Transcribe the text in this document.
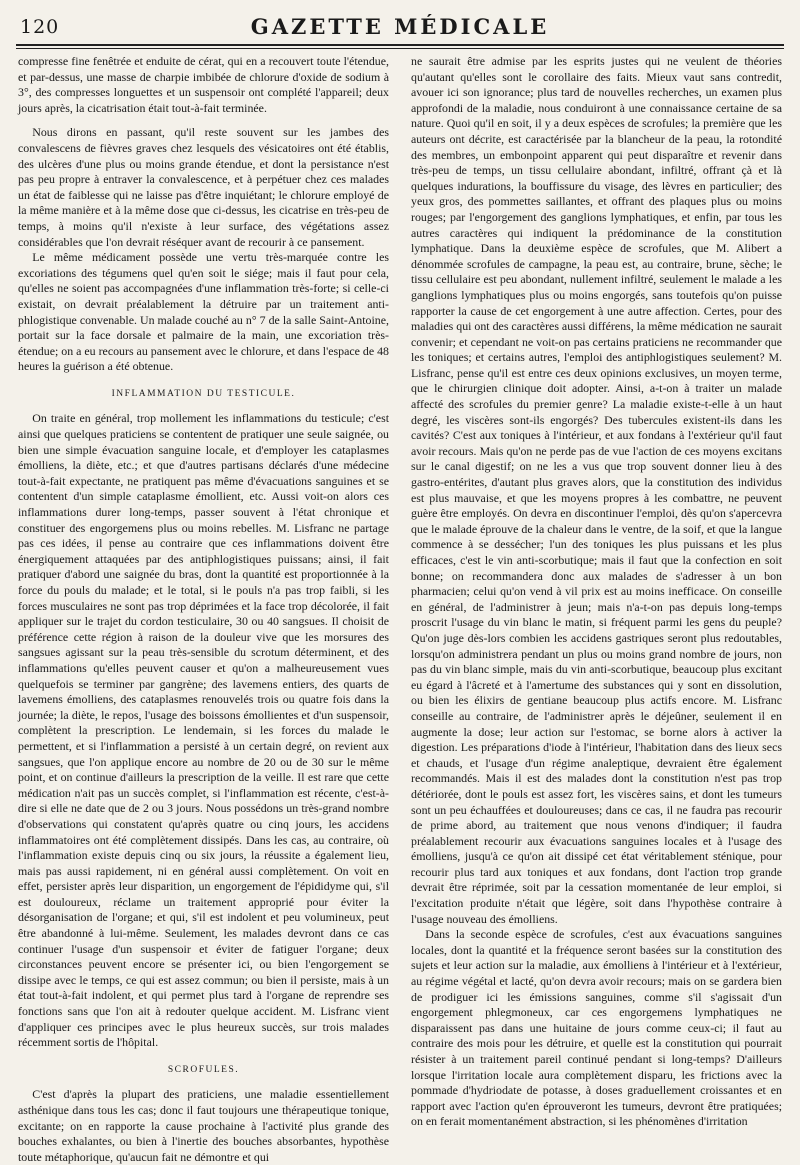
120	GAZETTE MÉDICALE

compresse fine fenêtrée et enduite de cérat, qui en a recouvert toute l'étendue, et par-dessus, une masse de charpie imbibée de chlorure d'oxide de sodium à 3°, des compresses longuettes et un suspensoir ont complété l'appareil; deux jours après, la cicatrisation était tout-à-fait terminée.

Nous dirons en passant, qu'il reste souvent sur les jambes des convalescens de fièvres graves chez lesquels des vésicatoires ont été établis, des ulcères d'une plus ou moins grande étendue, et dont la persistance n'est pas peu propre à entraver la convalescence, et à perpétuer chez ces malades un état de faiblesse qui ne laisse pas d'être inquiétant; le chlorure employé de la même manière et à la même dose que ci-dessus, les cicatrise en très-peu de temps, à moins qu'il n'existe à leur surface, des végétations assez considérables que l'on devrait réséquer avant de recourir à ce pansement.

Le même médicament possède une vertu très-marquée contre les excoriations des tégumens quel qu'en soit le siége; mais il faut pour cela, qu'elles ne soient pas accompagnées d'une inflammation très-forte; si celle-ci existait, on devrait préalablement la détruire par un traitement anti-phlogistique convenable. Un malade couché au n° 7 de la salle Saint-Antoine, portait sur la face dorsale et palmaire de la main, une excoriation très-étendue; on a eu recours au pansement avec le chlorure, et dans l'espace de 48 heures la guérison a été obtenue.

INFLAMMATION DU TESTICULE.

On traite en général, trop mollement les inflammations du testicule; c'est ainsi que quelques praticiens se contentent de pratiquer une seule saignée, ou bien une simple évacuation sanguine locale, et d'employer les cataplasmes émolliens, la diète, etc.; et que d'autres partisans déclarés d'une médecine tout-à-fait expectante, ne pratiquent pas même d'évacuations sanguines et se contentent d'un simple cataplasme émollient, etc. Aussi voit-on alors ces inflammations durer long-temps, passer souvent à l'état chronique et constituer des engorgemens plus ou moins rebelles. M. Lisfranc ne partage pas ces idées, il pense au contraire que ces inflammations doivent être énergiquement attaquées par des antiphlogistiques puissans; ainsi, il fait pratiquer d'abord une saignée du bras, dont la quantité est proportionnée à la force du pouls du malade; et le total, si le pouls n'a pas trop faibli, si les forces musculaires ne sont pas trop déprimées et la face trop décolorée, il fait appliquer sur le trajet du cordon testiculaire, 30 ou 40 sangsues. Il choisit de préférence cette région à raison de la douleur vive que les morsures des sangsues agissant sur la peau très-sensible du scrotum déterminent, et des inflammations qu'elles peuvent causer et qu'on a malheureusement vues quelquefois se terminer par gangrène; des lavemens entiers, des quarts de lavemens émolliens, des cataplasmes renouvelés trois ou quatre fois dans la journée; la diète, le repos, l'usage des boissons émollientes et d'un suspensoir, complètent la prescription. Le lendemain, si les forces du malade le permettent, et si l'inflammation a persisté à un certain degré, on revient aux sangsues, que l'on applique encore au nombre de 20 ou de 30 sur le même point, et on continue d'ailleurs la prescription de la veille. Il est rare que cette médication n'ait pas un succès complet, si l'inflammation est récente, c'est-à-dire si elle ne date que de 2 ou 3 jours. Nous possédons un très-grand nombre d'observations qui constatent qu'après quatre ou cinq jours, les accidens inflammatoires ont été complètement dissipés. Dans les cas, au contraire, où l'inflammation existe depuis cinq ou six jours, la réussite a également lieu, mais pas aussi rapidement, ni en général aussi complètement. On voit en effet, persister après leur disparition, un engorgement de l'épididyme qui, s'il est douloureux, réclame un traitement approprié pour éviter la désorganisation de l'organe; et qui, s'il est indolent et peu volumineux, peut être abandonné à lui-même. Seulement, les malades devront dans ce cas continuer l'usage d'un suspensoir et éviter de fatiguer l'organe; deux circonstances peuvent encore se présenter ici, ou bien l'engorgement se dissipe avec le temps, ce qui est assez commun; ou bien il persiste, mais à un état tout-à-fait indolent, et qui permet plus tard à l'organe de reprendre ses fonctions sans que l'on ait à redouter quelque accident. M. Lisfranc vient d'appliquer ces principes avec le plus heureux succès, sur trois malades récemment sortis de l'hôpital.

SCROFULES.

C'est d'après la plupart des praticiens, une maladie essentiellement asthénique dans tous les cas; donc il faut toujours une thérapeutique tonique, excitante; on en rapporte la cause prochaine à l'activité plus grande des bouches exhalantes, ou bien à l'inertie des bouches absorbantes, hypothèse toute métaphorique, qu'aucun fait ne démontre et qui

ne saurait être admise par les esprits justes qui ne veulent de théories qu'autant qu'elles sont le corollaire des faits. Mieux vaut sans contredit, avouer ici son ignorance; plus tard de nouvelles recherches, un examen plus approfondi de la maladie, nous conduiront à une connaissance certaine de sa nature. Quoi qu'il en soit, il y a deux espèces de scrofules; la première que les auteurs ont décrite, est caractérisée par la blancheur de la peau, la rotondité des membres, un embonpoint apparent qui peut disparaître et revenir dans très-peu de temps, un tissu cellulaire abondant, infiltré, offrant çà et là quelques indurations, la bouffissure du visage, des lèvres en particulier; des yeux gros, des pommettes saillantes, et offrant des plaques plus ou moins rouges; par l'engorgement des ganglions lymphatiques, et enfin, par tous les autres caractères qui indiquent la prédominance de la constitution lymphatique. Dans la deuxième espèce de scrofules, que M. Alibert a dénommée scrofules de campagne, la peau est, au contraire, brune, sèche; le tissu cellulaire est peu abondant, nullement infiltré, seulement le malade a les ganglions lymphatiques plus ou moins engorgés, sans toutefois qu'on puisse rapporter la cause de cet engorgement à une autre affection. Certes, pour des maladies qui ont des caractères aussi différens, la même médication ne saurait convenir; et cependant ne voit-on pas certains praticiens ne recommander que les toniques; et certains autres, l'emploi des antiphlogistiques seulement? M. Lisfranc, pense qu'il est entre ces deux opinions exclusives, un moyen terme, que le chirurgien clinique doit adopter. Ainsi, a-t-on à traiter un malade affecté des scrofules du premier genre? La maladie existe-t-elle à un haut degré, les viscères sont-ils engorgés? Des tubercules existent-ils dans les cavités? C'est aux toniques à l'intérieur, et aux fondans à l'extérieur qu'il faut avoir recours. Mais qu'on ne perde pas de vue l'action de ces moyens excitans sur le canal digestif; on ne les a vus que trop souvent donner lieu à des gastro-entérites, d'autant plus graves alors, que la constitution des individus est plus mauvaise, et que les moyens propres à les combattre, ne peuvent guère être employés. On devra en discontinuer l'emploi, dès qu'on s'apercevra que le malade éprouve de la chaleur dans le ventre, de la soif, et que la langue commence à se dessécher; l'un des toniques les plus puissans et les plus efficaces, c'est le vin anti-scorbutique; mais il faut que la confection en soit bonne; on recommandera donc aux malades de s'adresser à un bon pharmacien; celui qu'on vend à vil prix est au moins inefficace. On conseille en général, de l'administrer à jeun; mais n'a-t-on pas depuis long-temps proscrit l'usage du vin blanc le matin, si fréquent parmi les gens du peuple? Qu'on juge dès-lors combien les accidens gastriques seront plus redoutables, lorsqu'on administrera pendant un plus ou moins grand nombre de jours, non pas du vin blanc simple, mais du vin anti-scorbutique, beaucoup plus excitant eu égard à l'âcreté et à l'amertume des substances qui y sont en dissolution, ou bien les élixirs de gentiane beaucoup plus actifs encore. M. Lisfranc conseille au contraire, de l'administrer après le déjeûner, seulement il en augmente la dose; leur action sur l'estomac, se borne alors à activer la digestion. Les préparations d'iode à l'intérieur, l'habitation dans des lieux secs et chauds, et l'usage d'un régime analeptique, devraient être également recommandés. Mais il est des malades dont la constitution n'est pas trop détériorée, dont le pouls est assez fort, les viscères sains, et dont les tumeurs sont un peu échauffées et douloureuses; dans ce cas, il ne faudra pas recourir de prime abord, au traitement que nous venons d'indiquer; il faudra préalablement recourir aux évacuations sanguines locales et à l'usage des émolliens, jusqu'à ce qu'on ait dissipé cet état véritablement sténique, pour recourir plus tard aux toniques et aux fondans, dont l'action trop grande devrait être réprimée, soit par la cessation momentanée de leur emploi, si l'excitation produite n'était que légère, soit dans l'hypothèse contraire à l'usage nouveau des émolliens.

Dans la seconde espèce de scrofules, c'est aux évacuations sanguines locales, dont la quantité et la fréquence seront basées sur la constitution des sujets et leur action sur la maladie, aux émolliens à l'intérieur et à l'extérieur, au régime végétal et lacté, qu'on devra avoir recours; mais on se gardera bien de prodiguer ici les émissions sanguines, comme s'il s'agissait d'un engorgement phlegmoneux, car ces engorgemens lymphatiques ne disparaissent pas dans une huitaine de jours comme ceux-ci; il faut au contraire des mois pour les détruire, et quelle est la constitution qui pourrait résister à un traitement pareil continué pendant si long-temps? D'ailleurs lorsque l'irritation locale aura complètement disparu, les frictions avec la pommade d'hydriodate de potasse, à doses graduellement croissantes et en rapport avec l'action qu'en éprouveront les tumeurs, devront être pratiquées; on en ferait momentanément abstraction, si les phénomènes d'irritation
